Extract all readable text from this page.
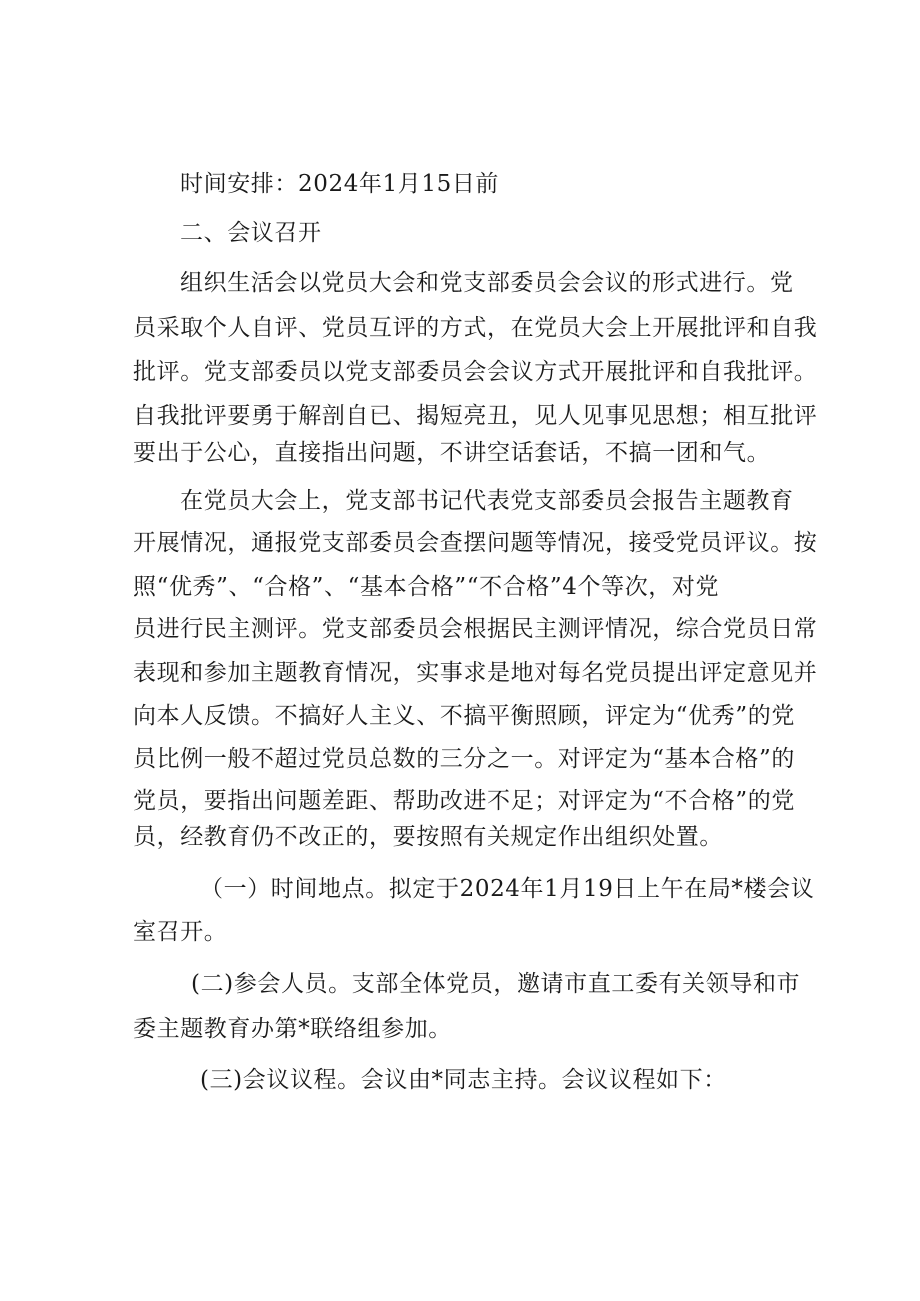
时间安排：2024年1月15日前
二、会议召开
组织生活会以党员大会和党支部委员会会议的形式进行。党
员采取个人自评、党员互评的方式，在党员大会上开展批评和自我
批评。党支部委员以党支部委员会会议方式开展批评和自我批评。
自我批评要勇于解剖自已、揭短亮丑，见人见事见思想；相互批评
要出于公心，直接指出问题，不讲空话套话，不搞一团和气。
在党员大会上，党支部书记代表党支部委员会报告主题教育
开展情况，通报党支部委员会查摆问题等情况，接受党员评议。按
照“优秀”、“合格”、“基本合格”“不合格”4个等次，对党
员进行民主测评。党支部委员会根据民主测评情况，综合党员日常
表现和参加主题教育情况，实事求是地对每名党员提出评定意见并
向本人反馈。不搞好人主义、不搞平衡照顾，评定为“优秀”的党
员比例一般不超过党员总数的三分之一。对评定为“基本合格”的
党员，要指出问题差距、帮助改进不足；对评定为“不合格”的党
员，经教育仍不改正的，要按照有关规定作出组织处置。
（一）时间地点。拟定于2024年1月19日上午在局*楼会议
室召开。
(二)参会人员。支部全体党员，邀请市直工委有关领导和市
委主题教育办第*联络组参加。
(三)会议议程。会议由*同志主持。会议议程如下：
